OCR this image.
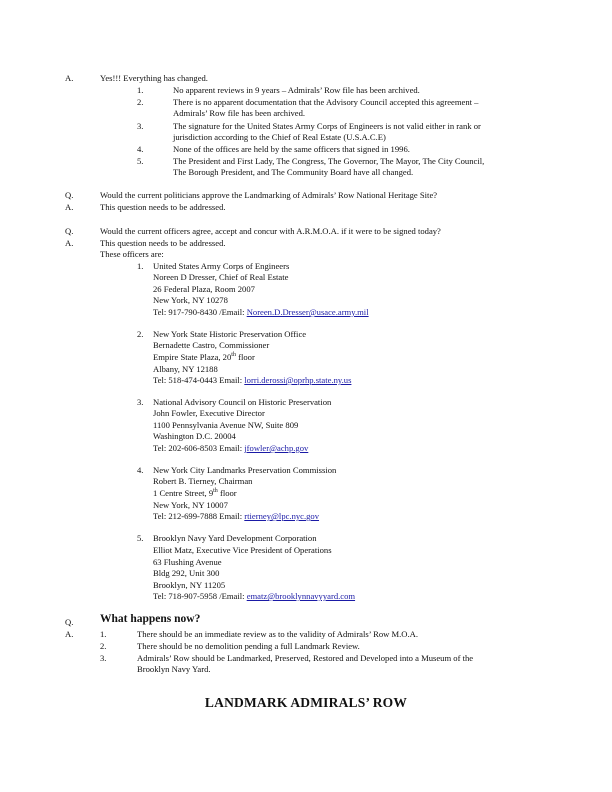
A.	Yes!!! Everything has changed.
1.	No apparent reviews in 9 years – Admirals’ Row file has been archived.
2.	There is no apparent documentation that the Advisory Council accepted this agreement –
Admirals’ Row file has been archived.
3.	The signature for the United States Army Corps of Engineers is not valid either in rank or
jurisdiction according to the Chief of Real Estate (U.S.A.C.E)
4.	None of the offices are held by the same officers that signed in 1996.
5.	The President and First Lady, The Congress, The Governor, The Mayor, The City Council,
The Borough President, and The Community Board have all changed.
Q.	Would the current politicians approve the Landmarking of Admirals’ Row National Heritage Site?
A.	This question needs to be addressed.
Q.	Would the current officers agree, accept and concur with A.R.M.O.A. if it were to be signed today?
A.	This question needs to be addressed.
These officers are:
1. United States Army Corps of Engineers
Noreen D Dresser, Chief of Real Estate
26 Federal Plaza, Room 2007
New York, NY 10278
Tel: 917-790-8430 /Email: Noreen.D.Dresser@usace.army.mil
2. New York State Historic Preservation Office
Bernadette Castro, Commissioner
Empire State Plaza, 20th floor
Albany, NY 12188
Tel: 518-474-0443 Email: lorri.derossi@oprhp.state.ny.us
3. National Advisory Council on Historic Preservation
John Fowler, Executive Director
1100 Pennsylvania Avenue NW, Suite 809
Washington D.C. 20004
Tel: 202-606-8503 Email: jfowler@achp.gov
4. New York City Landmarks Preservation Commission
Robert B. Tierney, Chairman
1 Centre Street, 9th floor
New York, NY 10007
Tel: 212-699-7888 Email: rtierney@lpc.nyc.gov
5. Brooklyn Navy Yard Development Corporation
Elliot Matz, Executive Vice President of Operations
63 Flushing Avenue
Bldg 292, Unit 300
Brooklyn, NY 11205
Tel: 718-907-5958 /Email: ematz@brooklynnavyyard.com
Q. What happens now?
A.	1.	There should be an immediate review as to the validity of Admirals’ Row M.O.A.
2.	There should be no demolition pending a full Landmark Review.
3.	Admirals’ Row should be Landmarked, Preserved, Restored and Developed into a Museum of the
Brooklyn Navy Yard.
LANDMARK ADMIRALS’ ROW
